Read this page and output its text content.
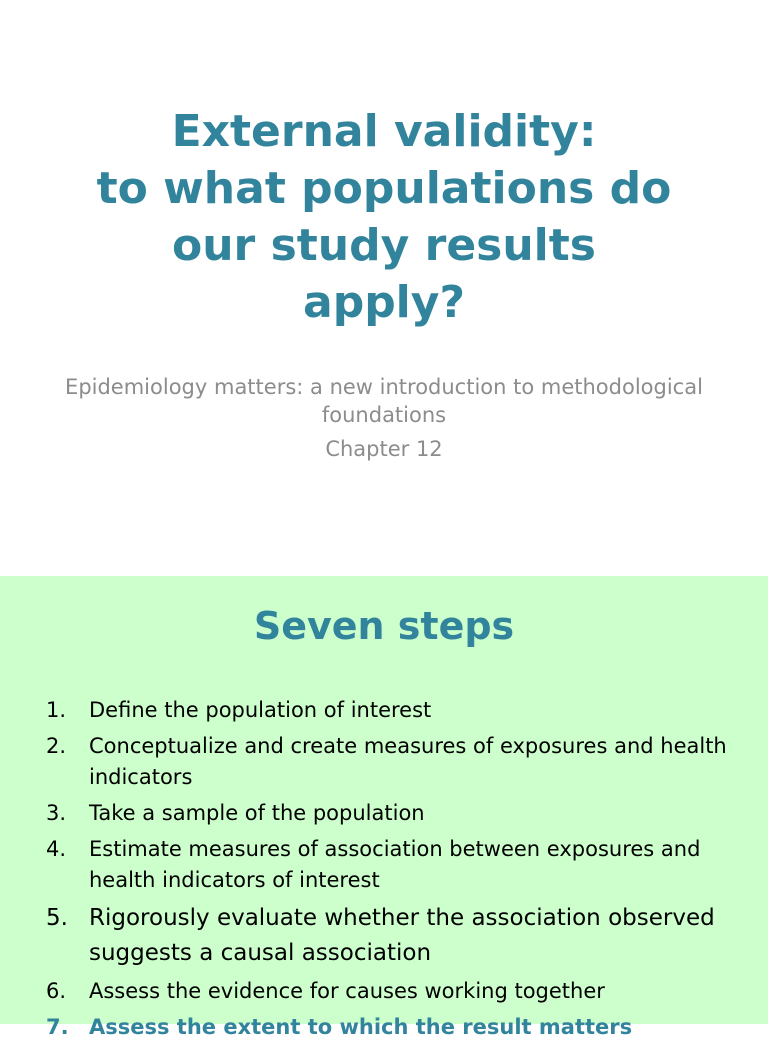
External validity:
to what populations do
our study results
apply?

Epidemiology matters: a new introduction to methodological foundations

Chapter 12

Seven steps
1. Define the population of interest
2. Conceptualize and create measures of exposures and health indicators
3. Take a sample of the population
4. Estimate measures of association between exposures and health indicators of interest
5. Rigorously evaluate whether the association observed suggests a causal association
6. Assess the evidence for causes working together
7. Assess the extent to which the result matters
